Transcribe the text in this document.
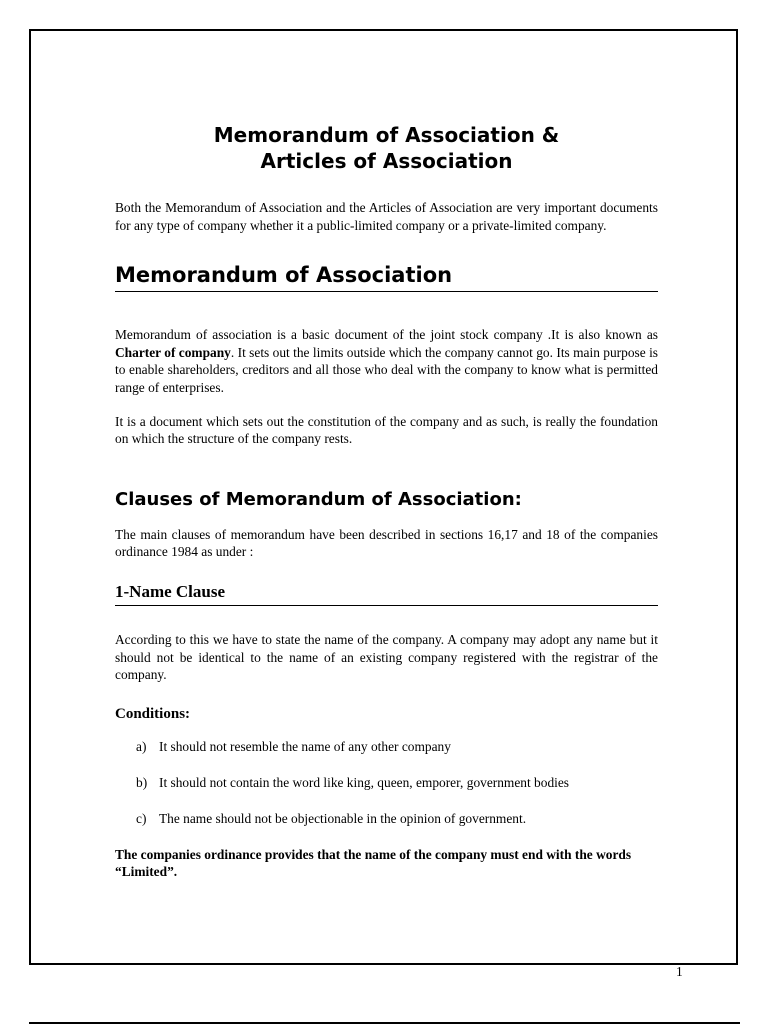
Memorandum of Association &
Articles of Association

Both the Memorandum of Association and the Articles of Association are very important documents for any type of company whether it a public-limited company or a private-limited company.

Memorandum of Association

Memorandum of association is a basic document of the joint stock company .It is also known as Charter of company. It sets out the limits outside which the company cannot go. Its main purpose is to enable shareholders, creditors and all those who deal with the company to know what is permitted range of enterprises.

It is a document which sets out the constitution of the company and as such, is really the foundation on which the structure of the company rests.

Clauses of Memorandum of Association:

The main clauses of memorandum have been described in sections 16,17 and 18 of the companies ordinance 1984 as under :

1-Name Clause

According to this we have to state the name of the company. A company may adopt any name but it should not be identical to the name of an existing company registered with the registrar of the company.

Conditions:
a) It should not resemble the name of any other company
b) It should not contain the word like king, queen, emporer, government bodies
c) The name should not be objectionable in the opinion of government.

The companies ordinance provides that the name of the company must end with the words “Limited”.

1
